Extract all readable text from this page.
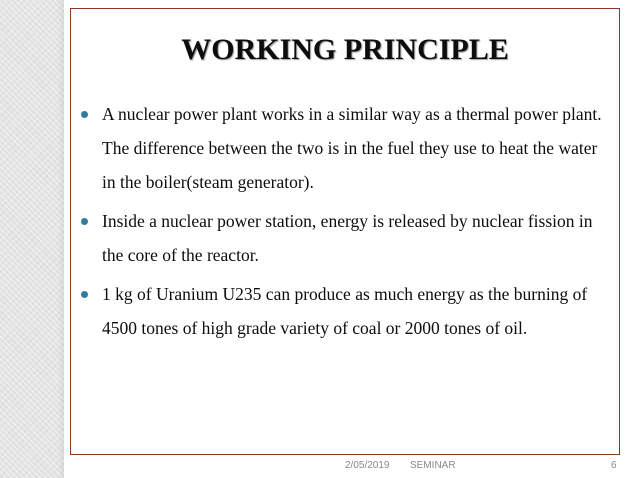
WORKING PRINCIPLE
A nuclear power plant works in a similar way as a thermal power plant. The difference between the two is in the fuel they use to heat the water in the boiler(steam generator).
Inside a nuclear power station, energy is released by nuclear fission in the core of the reactor.
1 kg of Uranium U235 can produce as much energy as the burning of 4500 tones of high grade variety of coal or 2000 tones of oil.
2/05/2019 SEMINAR	6
